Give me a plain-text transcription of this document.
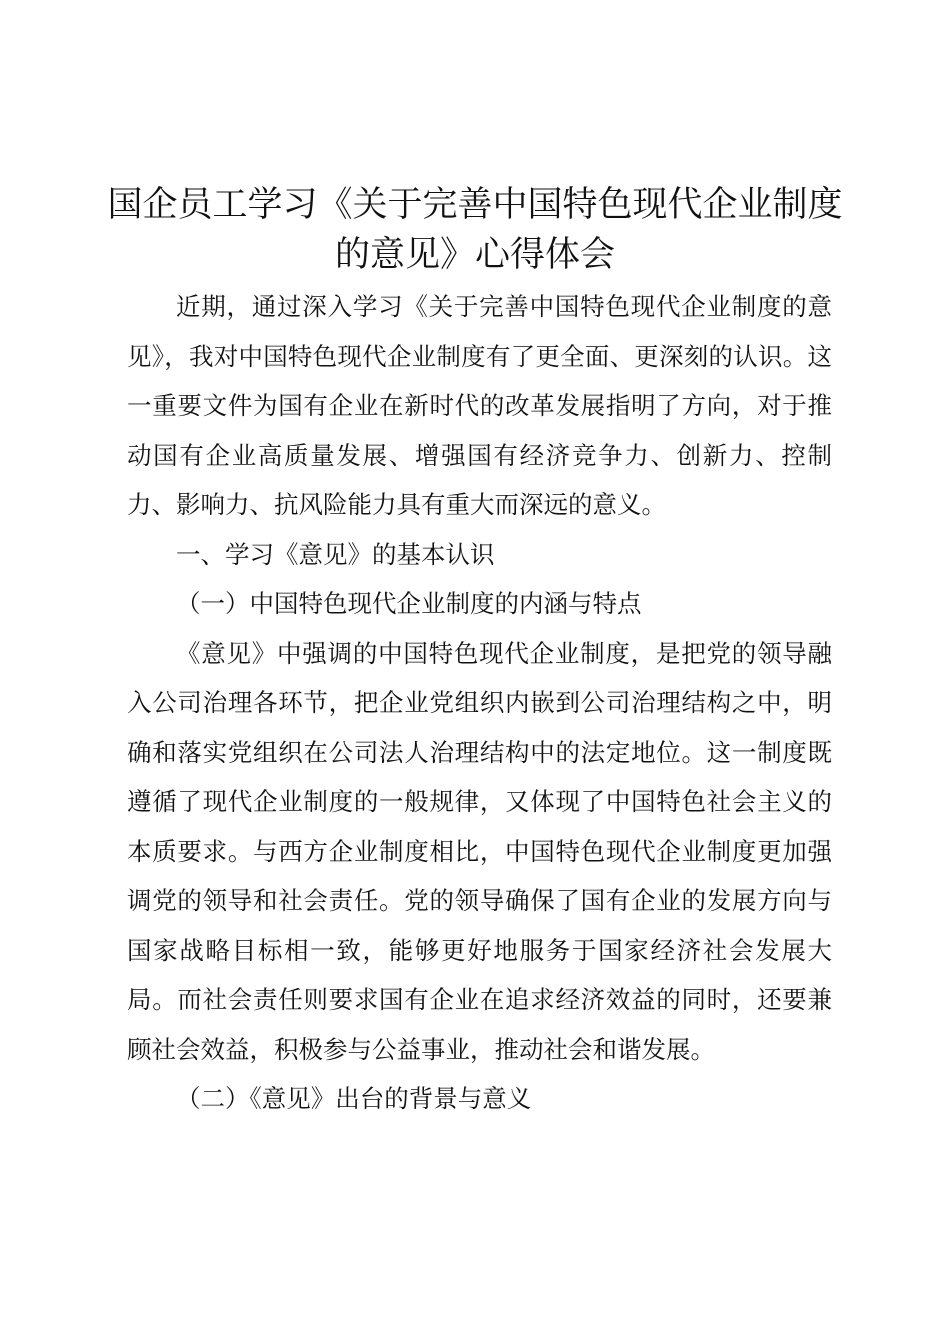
国企员工学习《关于完善中国特色现代企业制度的意见》心得体会

近期，通过深入学习《关于完善中国特色现代企业制度的意见》，我对中国特色现代企业制度有了更全面、更深刻的认识。这一重要文件为国有企业在新时代的改革发展指明了方向，对于推动国有企业高质量发展、增强国有经济竞争力、创新力、控制力、影响力、抗风险能力具有重大而深远的意义。

一、学习《意见》的基本认识

（一）中国特色现代企业制度的内涵与特点

《意见》中强调的中国特色现代企业制度，是把党的领导融入公司治理各环节，把企业党组织内嵌到公司治理结构之中，明确和落实党组织在公司法人治理结构中的法定地位。这一制度既遵循了现代企业制度的一般规律，又体现了中国特色社会主义的本质要求。与西方企业制度相比，中国特色现代企业制度更加强调党的领导和社会责任。党的领导确保了国有企业的发展方向与国家战略目标相一致，能够更好地服务于国家经济社会发展大局。而社会责任则要求国有企业在追求经济效益的同时，还要兼顾社会效益，积极参与公益事业，推动社会和谐发展。

（二）《意见》出台的背景与意义
